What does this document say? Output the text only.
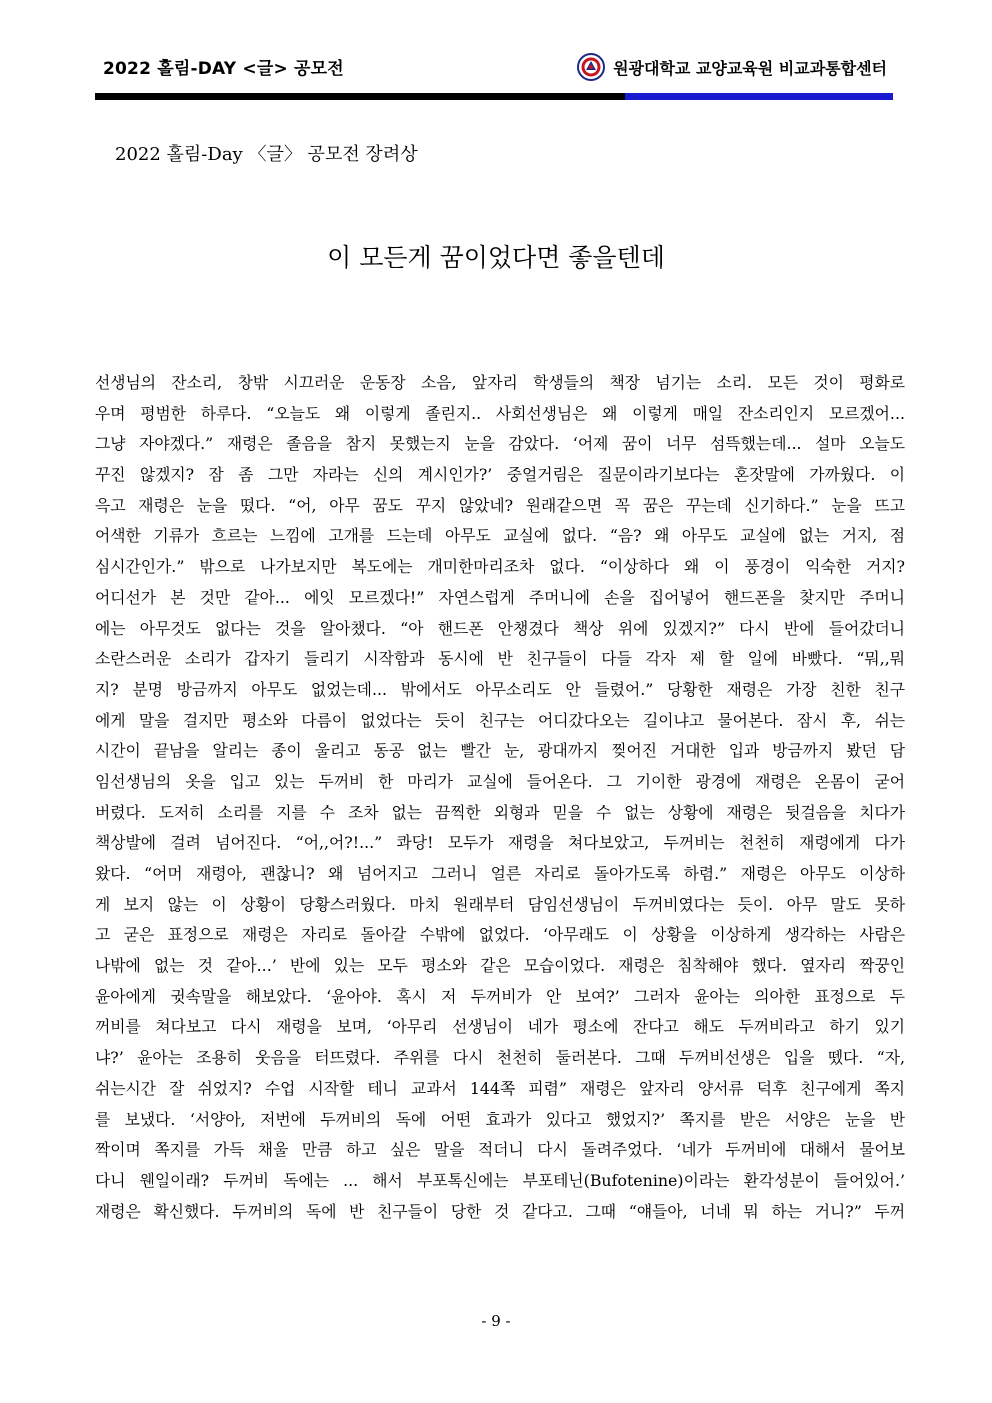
2022 홀림-DAY <글> 공모전	원광대학교 교양교육원 비교과통합센터
2022 홀림-Day 〈글〉 공모전 장려상
이 모든게 꿈이었다면 좋을텐데
선생님의 잔소리, 창밖 시끄러운 운동장 소음, 앞자리 학생들의 책장 넘기는 소리. 모든 것이 평화로
우며 평범한 하루다. “오늘도 왜 이렇게 졸린지.. 사회선생님은 왜 이렇게 매일 잔소리인지 모르겠어...
그냥 자야겠다.” 재령은 졸음을 참지 못했는지 눈을 감았다. ‘어제 꿈이 너무 섬뜩했는데... 설마 오늘도
꾸진 않겠지? 잠 좀 그만 자라는 신의 계시인가?’ 중얼거림은 질문이라기보다는 혼잣말에 가까웠다. 이
윽고 재령은 눈을 떴다. “어, 아무 꿈도 꾸지 않았네? 원래같으면 꼭 꿈은 꾸는데 신기하다.” 눈을 뜨고
어색한 기류가 흐르는 느낌에 고개를 드는데 아무도 교실에 없다. “음? 왜 아무도 교실에 없는 거지, 점
심시간인가.” 밖으로 나가보지만 복도에는 개미한마리조차 없다. “이상하다 왜 이 풍경이 익숙한 거지?
어디선가 본 것만 같아... 에잇 모르겠다!” 자연스럽게 주머니에 손을 집어넣어 핸드폰을 찾지만 주머니
에는 아무것도 없다는 것을 알아챘다. “아 핸드폰 안챙겼다 책상 위에 있겠지?” 다시 반에 들어갔더니
소란스러운 소리가 갑자기 들리기 시작함과 동시에 반 친구들이 다들 각자 제 할 일에 바빴다. “뭐,,뭐
지? 분명 방금까지 아무도 없었는데... 밖에서도 아무소리도 안 들렸어.” 당황한 재령은 가장 친한 친구
에게 말을 걸지만 평소와 다름이 없었다는 듯이 친구는 어디갔다오는 길이냐고 물어본다. 잠시 후, 쉬는
시간이 끝남을 알리는 종이 울리고 동공 없는 빨간 눈, 광대까지 찢어진 거대한 입과 방금까지 봤던 담
임선생님의 옷을 입고 있는 두꺼비 한 마리가 교실에 들어온다. 그 기이한 광경에 재령은 온몸이 굳어
버렸다. 도저히 소리를 지를 수 조차 없는 끔찍한 외형과 믿을 수 없는 상황에 재령은 뒷걸음을 치다가
책상발에 걸려 넘어진다. “어,,어?!...” 콰당! 모두가 재령을 쳐다보았고, 두꺼비는 천천히 재령에게 다가
왔다. “어머 재령아, 괜찮니? 왜 넘어지고 그러니 얼른 자리로 돌아가도록 하렴.” 재령은 아무도 이상하
게 보지 않는 이 상황이 당황스러웠다. 마치 원래부터 담임선생님이 두꺼비였다는 듯이. 아무 말도 못하
고 굳은 표정으로 재령은 자리로 돌아갈 수밖에 없었다. ‘아무래도 이 상황을 이상하게 생각하는 사람은
나밖에 없는 것 같아...’ 반에 있는 모두 평소와 같은 모습이었다. 재령은 침착해야 했다. 옆자리 짝꿍인
윤아에게 귓속말을 해보았다. ‘윤아야. 혹시 저 두꺼비가 안 보여?’ 그러자 윤아는 의아한 표정으로 두
꺼비를 쳐다보고 다시 재령을 보며, ‘아무리 선생님이 네가 평소에 잔다고 해도 두꺼비라고 하기 있기
냐?’ 윤아는 조용히 웃음을 터뜨렸다. 주위를 다시 천천히 둘러본다. 그때 두꺼비선생은 입을 뗐다. “자,
쉬는시간 잘 쉬었지? 수업 시작할 테니 교과서 144쪽 피렴” 재령은 앞자리 양서류 덕후 친구에게 쪽지
를 보냈다. ‘서양아, 저번에 두꺼비의 독에 어떤 효과가 있다고 했었지?’ 쪽지를 받은 서양은 눈을 반
짝이며 쪽지를 가득 채울 만큼 하고 싶은 말을 적더니 다시 돌려주었다. ‘네가 두꺼비에 대해서 물어보
다니 웬일이래? 두꺼비 독에는 ... 해서 부포톡신에는 부포테닌(Bufotenine)이라는 환각성분이 들어있어.’
재령은 확신했다. 두꺼비의 독에 반 친구들이 당한 것 같다고. 그때 “얘들아, 너네 뭐 하는 거니?” 두꺼
- 9 -
